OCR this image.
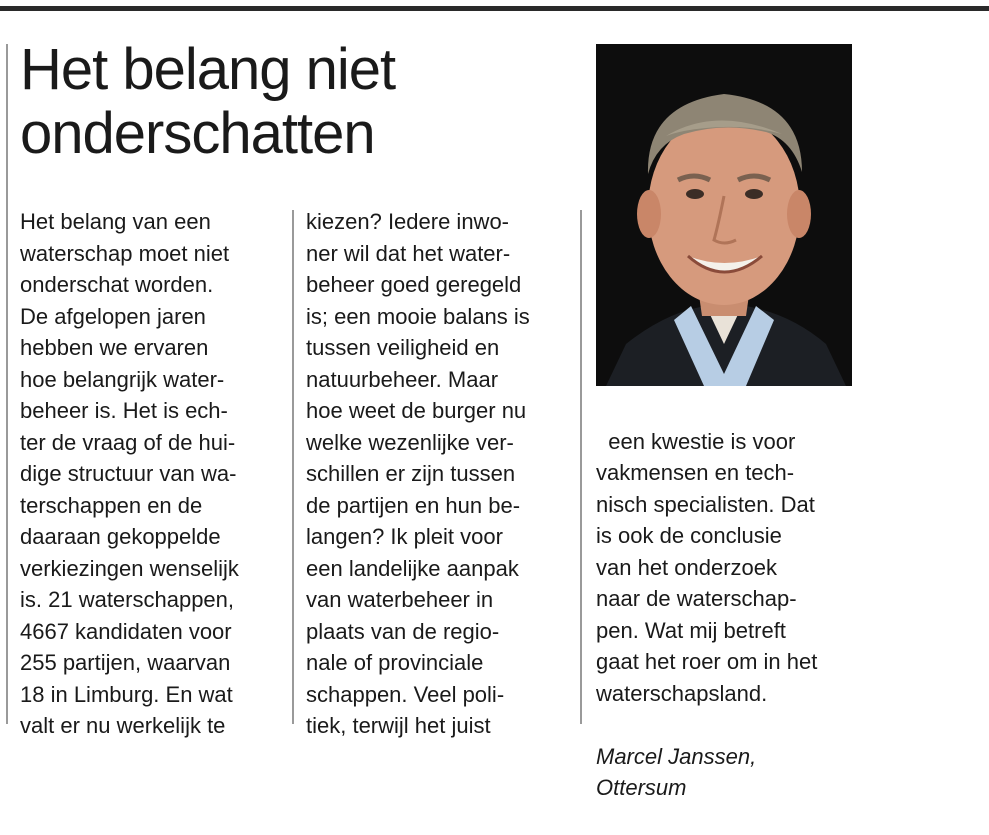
Het belang niet
onderschatten
Het belang van een
waterschap moet niet
onderschat worden.
De afgelopen jaren
hebben we ervaren
hoe belangrijk water-
beheer is. Het is ech-
ter de vraag of de hui-
dige structuur van wa-
terschappen en de
daaraan gekoppelde
verkiezingen wenselijk
is. 21 waterschappen,
4667 kandidaten voor
255 partijen, waarvan
18 in Limburg. En wat
valt er nu werkelijk te
kiezen? Iedere inwo-
ner wil dat het water-
beheer goed geregeld
is; een mooie balans is
tussen veiligheid en
natuurbeheer. Maar
hoe weet de burger nu
welke wezenlijke ver-
schillen er zijn tussen
de partijen en hun be-
langen? Ik pleit voor
een landelijke aanpak
van waterbeheer in
plaats van de regio-
nale of provinciale
schappen. Veel poli-
tiek, terwijl het juist

een kwestie is voor
vakmensen en tech-
nisch specialisten. Dat
is ook de conclusie
van het onderzoek
naar de waterschap-
pen. Wat mij betreft
gaat het roer om in het
waterschapsland.

Marcel Janssen,
Ottersum
